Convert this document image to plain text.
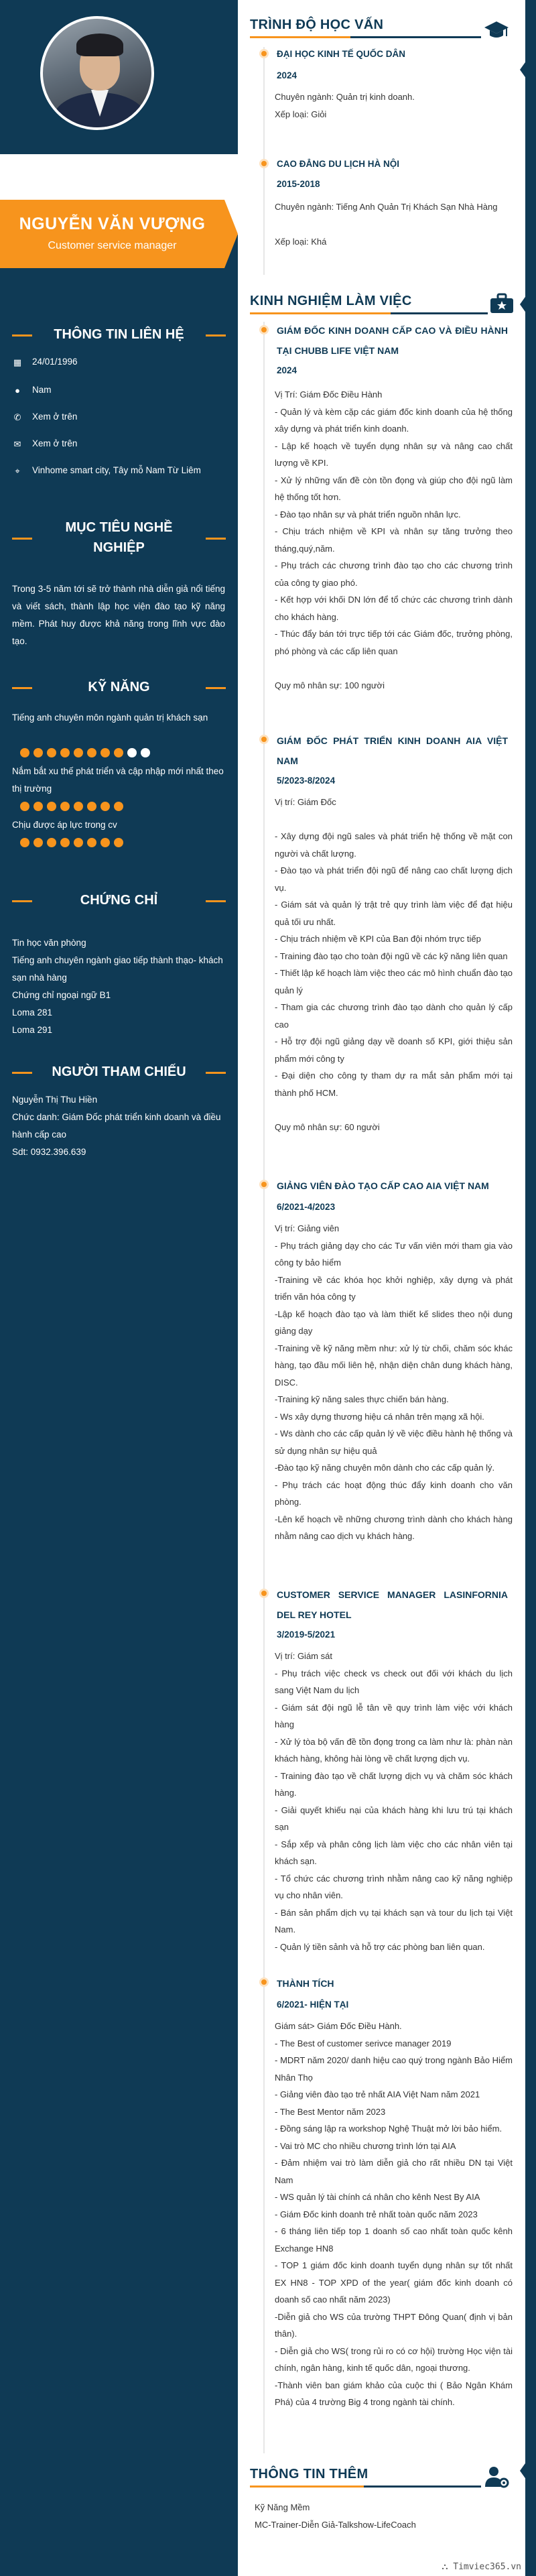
NGUYỄN VĂN VƯỢNG
Customer service manager
THÔNG TIN LIÊN HỆ
▦ 24/01/1996
●	Nam
✆ Xem ở trên
✉ Xem ở trên
⌖	Vinhome smart city, Tây mỗ Nam Từ Liêm
MỤC TIÊU NGHỀ NGHIỆP
Trong 3-5 năm tới sẽ trở thành nhà diễn giả nổi tiếng và viết sách, thành lập học viện đào tạo kỹ năng mềm. Phát huy được khả năng trong lĩnh vực đào tạo.
KỸ NĂNG
Tiếng anh chuyên môn ngành quản trị khách sạn
Nắm bắt xu thế phát triển và cập nhập mới nhất theo thị trường
Chịu được áp lực trong cv
CHỨNG CHỈ
Tin học văn phòng
Tiếng anh chuyên ngành giao tiếp thành thạo- khách sạn nhà hàng
Chứng chỉ ngoại ngữ B1
Loma 281
Loma 291
NGƯỜI THAM CHIẾU
Nguyễn Thị Thu Hiền
Chức danh: Giám Đốc phát triển kinh doanh và điều hành cấp cao
Sdt: 0932.396.639
TRÌNH ĐỘ HỌC VẤN
ĐẠI HỌC KINH TẾ QUỐC DÂN
2024
Chuyên ngành: Quản trị kinh doanh.
Xếp loại: Giỏi
CAO ĐẲNG DU LỊCH HÀ NỘI
2015-2018
Chuyên ngành: Tiếng Anh Quản Trị Khách Sạn Nhà Hàng
Xếp loại: Khá
KINH NGHIỆM LÀM VIỆC
GIÁM ĐỐC KINH DOANH CẤP CAO VÀ ĐIỀU HÀNH TẠI CHUBB LIFE VIỆT NAM
2024
Vị Trí: Giám Đốc Điều Hành
- Quản lý và kèm cặp các giám đốc kinh doanh của hệ thống xây dựng và phát triển kinh doanh.
- Lập kế hoạch về tuyển dụng nhân sự và nâng cao chất lượng về KPI.
- Xử lý những vấn đề còn tồn đọng và giúp cho đội ngũ làm hệ thống tốt hơn.
- Đào tạo nhân sự và phát triển nguồn nhân lực.
- Chịu trách nhiệm về KPI và nhân sự tăng trưởng theo tháng,quý,năm.
- Phụ trách các chương trình đào tạo cho các chương trình của công ty giao phó.
- Kết hợp với khối DN lớn để tổ chức các chương trình dành cho khách hàng.
- Thúc đẩy bán tới trực tiếp tới các Giám đốc, trưởng phòng, phó phòng và các cấp liên quan

Quy mô nhân sự: 100 người
GIÁM ĐỐC PHÁT TRIỂN KINH DOANH AIA VIỆT NAM
5/2023-8/2024
Vị trí: Giám Đốc

- Xây dựng đội ngũ sales và phát triển hệ thống về mặt con người và chất lượng.
- Đào tạo và phát triển đội ngũ để nâng cao chất lượng dịch vụ.
- Giám sát và quản lý trật trẻ quy trình làm việc để đạt hiệu quả tối ưu nhất.
- Chịu trách nhiệm về KPI của Ban đội nhóm trực tiếp
- Training đào tạo cho toàn đội ngũ về các kỹ năng liên quan
- Thiết lập kế hoạch làm việc theo các mô hình chuẩn đào tạo quản lý
- Tham gia các chương trình đào tạo dành cho quản lý cấp cao
- Hỗ trợ đội ngũ giảng dạy về doanh số KPI, giới thiệu sản phẩm mới công ty
- Đại diện cho công ty tham dự ra mắt sản phẩm mới tại thành phố HCM.

Quy mô nhân sự: 60 người
GIẢNG VIÊN ĐÀO TẠO CẤP CAO AIA VIỆT NAM
6/2021-4/2023
Vị trí: Giảng viên
- Phụ trách giảng dạy cho các Tư vấn viên mới tham gia vào công ty bảo hiểm
-Training về các khóa học khởi nghiệp, xây dựng và phát triển văn hóa công ty
-Lập kế hoạch đào tạo và làm thiết kế slides theo nội dung giảng dạy
-Training về kỹ năng mềm như: xử lý từ chối, chăm sóc khác hàng, tạo đầu mối liên hệ, nhận diện chân dung khách hàng, DISC.
-Training kỹ năng sales thực chiến bán hàng.
- Ws xây dựng thương hiệu cá nhân trên mạng xã hội.
- Ws dành cho các cấp quản lý về việc điều hành hệ thống và sử dụng nhân sự hiệu quả
-Đào tạo kỹ năng chuyên môn dành cho các cấp quản lý.
- Phụ trách các hoạt động thúc đẩy kinh doanh cho văn phòng.
-Lên kế hoạch về những chương trình dành cho khách hàng nhằm nâng cao dịch vụ khách hàng.
CUSTOMER SERVICE MANAGER LASINFORNIA DEL REY HOTEL
3/2019-5/2021
Vị trí: Giám sát
- Phụ trách việc check vs check out đối với khách du lịch sang Việt Nam du lịch
- Giám sát đội ngũ lễ tân về quy trình làm việc với khách hàng
- Xử lý tòa bộ vấn đề tồn đọng trong ca làm như là: phàn nàn khách hàng, không hài lòng về chất lượng dịch vụ.
- Training đào tạo về chất lượng dịch vụ và chăm sóc khách hàng.
- Giải quyết khiếu nại của khách hàng khi lưu trú tại khách sạn
- Sắp xếp và phân công lịch làm việc cho các nhân viên tại khách sạn.
- Tổ chức các chương trình nhằm nâng cao kỹ năng nghiệp vụ cho nhân viên.
- Bán sản phẩm dịch vụ tại khách sạn và tour du lịch tại Việt Nam.
- Quản lý tiền sảnh và hỗ trợ các phòng ban liên quan.
THÀNH TÍCH
6/2021- HIỆN TẠI
Giám sát> Giám Đốc Điều Hành.
- The Best of customer serivce manager 2019
- MDRT năm 2020/ danh hiệu cao quý trong ngành Bảo Hiểm Nhân Thọ
- Giảng viên đào tạo trẻ nhất AIA Việt Nam năm 2021
- The Best Mentor năm 2023
- Đồng sáng lập ra workshop Nghệ Thuật mở lời bảo hiểm.
- Vai trò MC cho nhiều chương trình lớn tại AIA
- Đảm nhiệm vai trò làm diễn giả cho rất nhiều DN tại Việt Nam
- WS quản lý tài chính cá nhân cho kênh Nest By AIA
- Giám Đốc kinh doanh trẻ nhất toàn quốc năm 2023
- 6 tháng liên tiếp top 1 doanh số cao nhất toàn quốc kênh Exchange HN8
- TOP 1 giám đốc kinh doanh tuyển dụng nhân sự tốt nhất EX HN8 - TOP XPD of the year( giám đốc kinh doanh có doanh số cao nhất năm 2023)
-Diễn giả cho WS của trường THPT Đông Quan( định vị bản thân).
- Diễn giả cho WS( trong rủi ro có cơ hội) trường Học viện tài chính, ngân hàng, kinh tế quốc dân, ngoại thương.
-Thành viên ban giám khảo của cuộc thi ( Bảo Ngân Khám Phá) của 4 trường Big 4 trong ngành tài chính.
THÔNG TIN THÊM
Kỹ Năng Mềm
MC-Trainer-Diễn Giả-Talkshow-LifeCoach
⛬ Timviec365.vn
